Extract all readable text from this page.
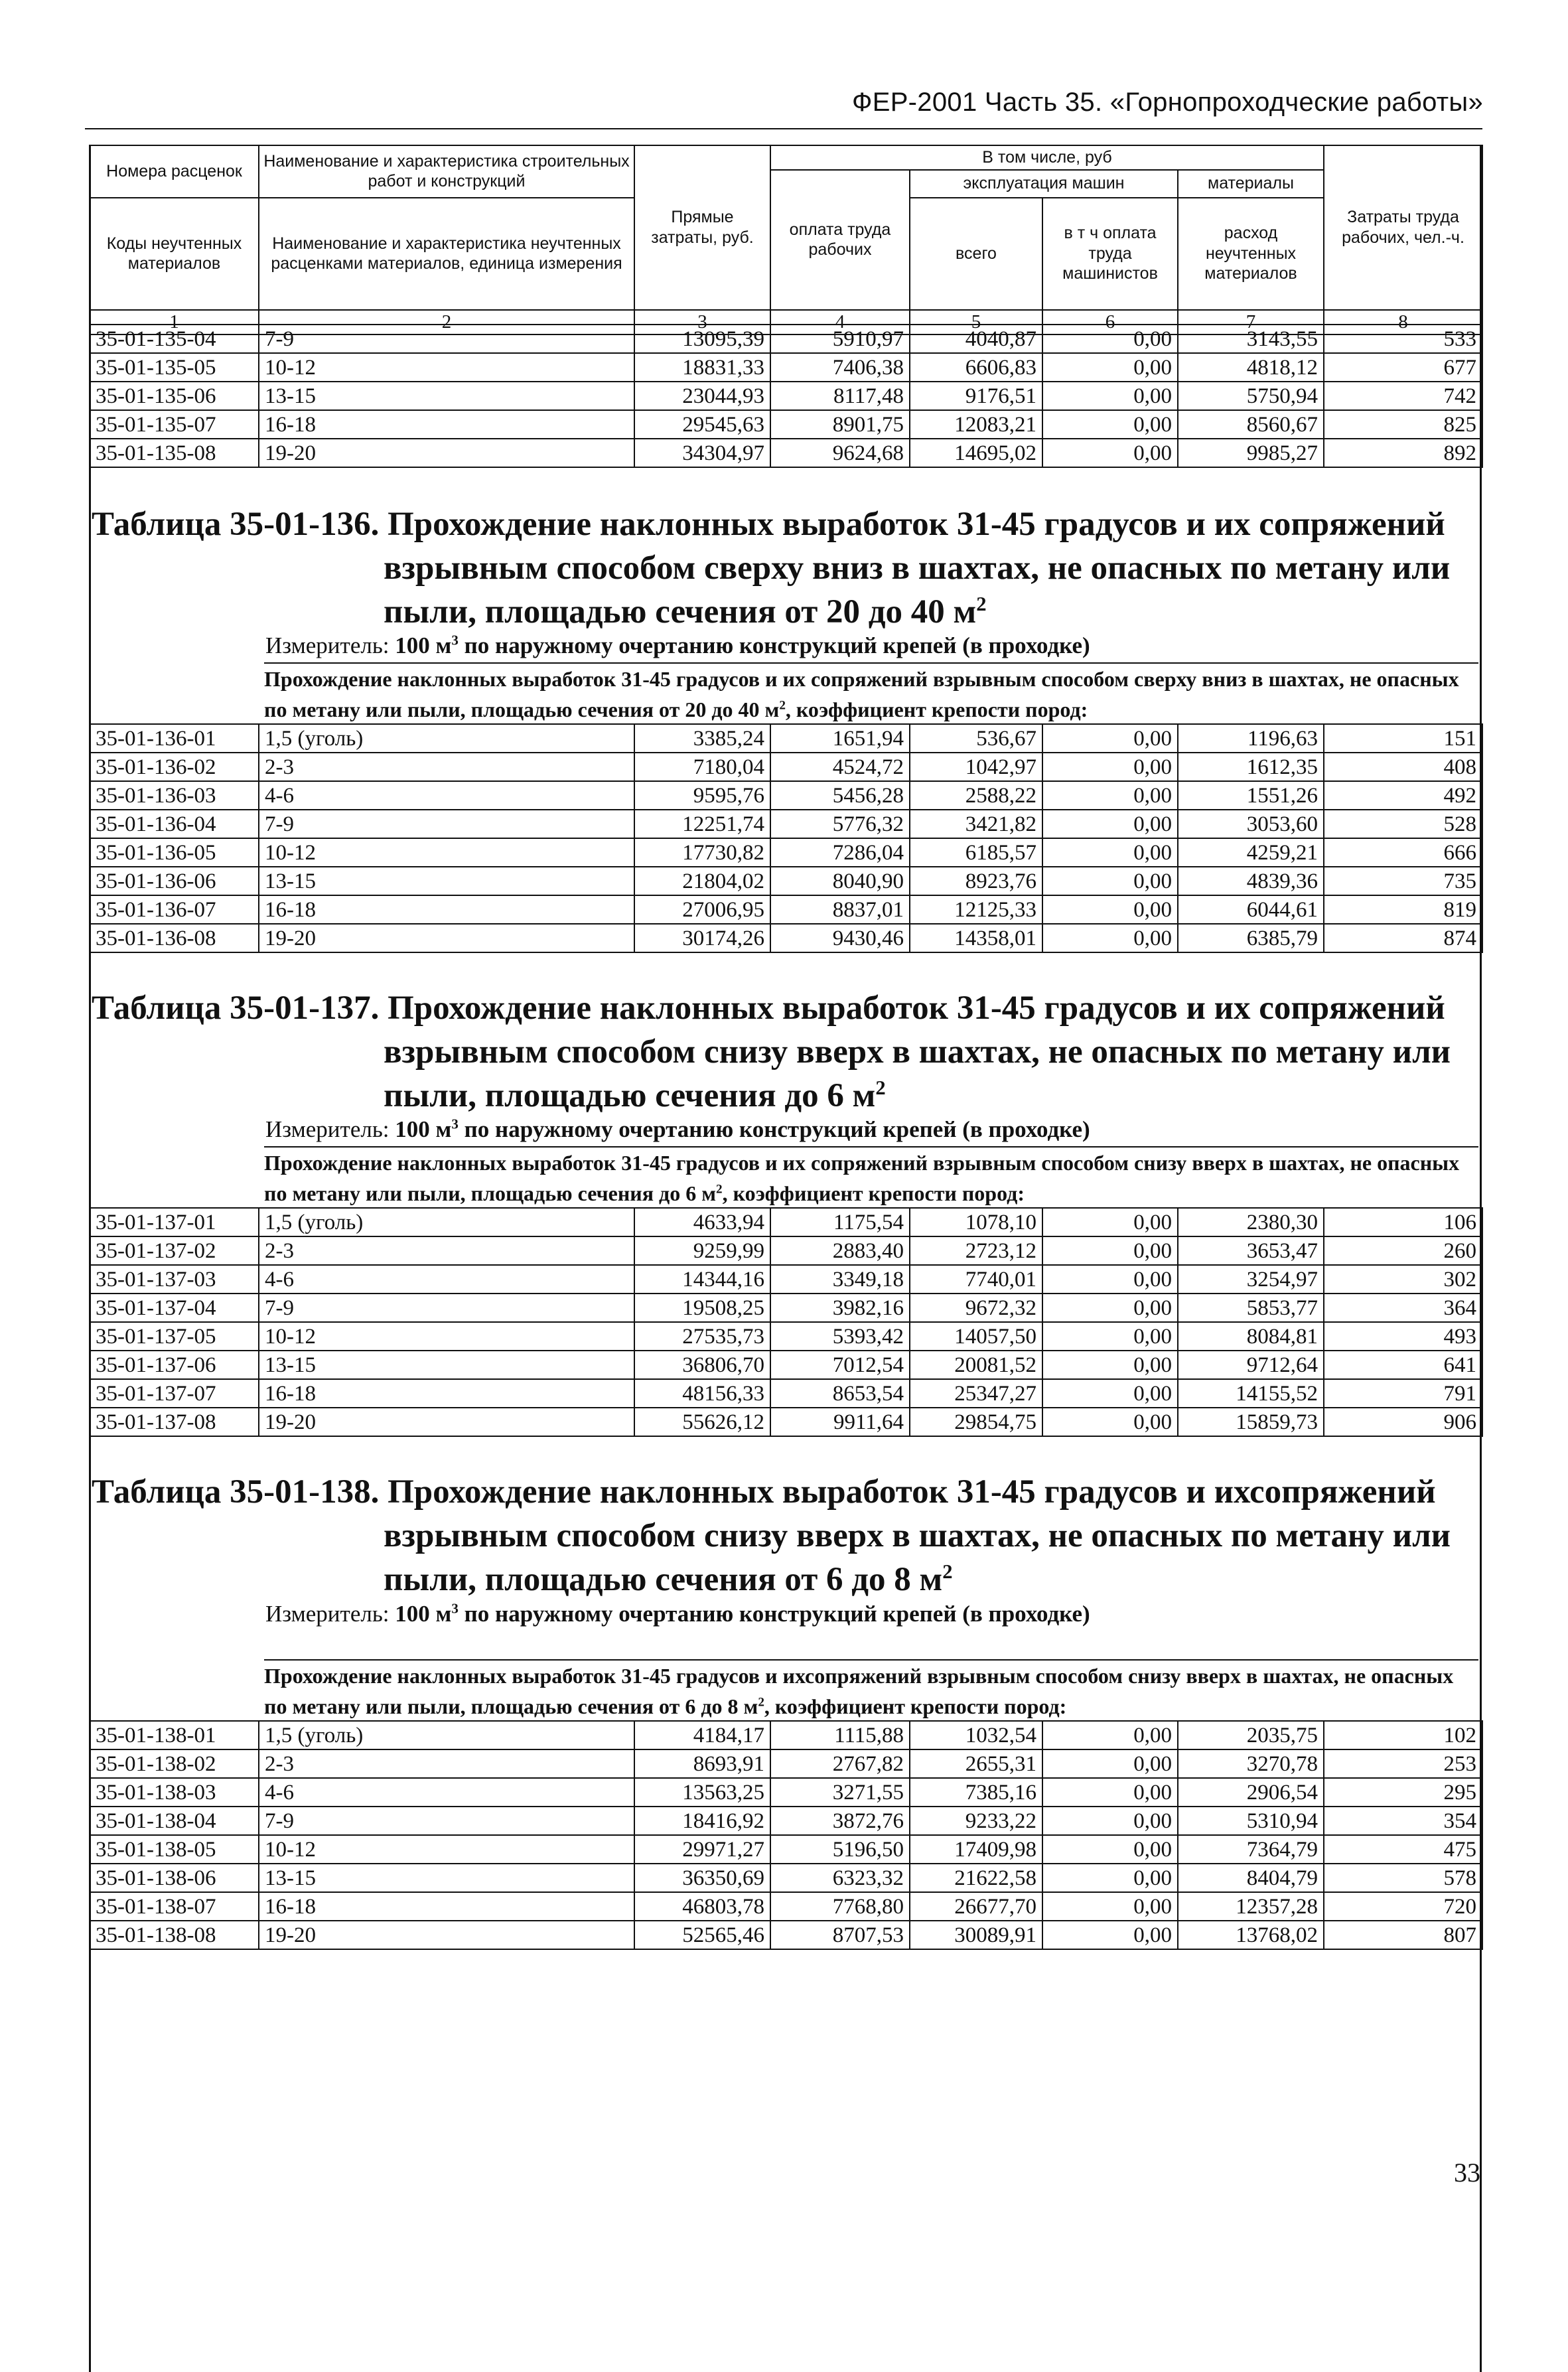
ФЕР-2001 Часть 35. «Горнопроходческие работы»
Номера расценок	Наименование и характеристика строительных работ и конструкций	Прямые затраты, руб.	В том числе, руб				Затраты труда рабочих, чел.-ч.
			оплата труда рабочих	эксплуатация машин		материалы	
Коды неучтенных материалов	Наименование и характеристика неучтенных расценками материалов, единица измерения			всего	в т ч оплата труда машинистов	расход неучтенных материалов	

1	2	3	4	5	6	7	8
35-01-135-04	7-9	13095,39	5910,97	4040,87	0,00	3143,55	533
35-01-135-05	10-12	18831,33	7406,38	6606,83	0,00	4818,12	677
35-01-135-06	13-15	23044,93	8117,48	9176,51	0,00	5750,94	742
35-01-135-07	16-18	29545,63	8901,75	12083,21	0,00	8560,67	825
35-01-135-08	19-20	34304,97	9624,68	14695,02	0,00	9985,27	892
Таблица 35-01-136. Прохождение наклонных выработок 31-45 градусов и их сопряжений взрывным способом сверху вниз в шахтах, не опасных по метану или пыли, площадью сечения от 20 до 40 $м^2$
Измеритель: 100 $м^3$ по наружному очертанию конструкций крепей (в проходке)
Прохождение наклонных выработок 31-45 градусов и их сопряжений взрывным способом сверху вниз в шахтах, не опасных по метану или пыли, площадью сечения от 20 до 40 $м^2$, коэффициент крепости пород:
35-01-136-01	1,5 (уголь)	3385,24	1651,94	536,67	0,00	1196,63	151
35-01-136-02	2-3	7180,04	4524,72	1042,97	0,00	1612,35	408
35-01-136-03	4-6	9595,76	5456,28	2588,22	0,00	1551,26	492
35-01-136-04	7-9	12251,74	5776,32	3421,82	0,00	3053,60	528
35-01-136-05	10-12	17730,82	7286,04	6185,57	0,00	4259,21	666
35-01-136-06	13-15	21804,02	8040,90	8923,76	0,00	4839,36	735
35-01-136-07	16-18	27006,95	8837,01	12125,33	0,00	6044,61	819
35-01-136-08	19-20	30174,26	9430,46	14358,01	0,00	6385,79	874
Таблица 35-01-137. Прохождение наклонных выработок 31-45 градусов и их сопряжений взрывным способом снизу вверх в шахтах, не опасных по метану или пыли, площадью сечения до 6 $м^2$
Измеритель: 100 $м^3$ по наружному очертанию конструкций крепей (в проходке)
Прохождение наклонных выработок 31-45 градусов и их сопряжений взрывным способом снизу вверх в шахтах, не опасных по метану или пыли, площадью сечения до 6 $м^2$, коэффициент крепости пород:
35-01-137-01	1,5 (уголь)	4633,94	1175,54	1078,10	0,00	2380,30	106
35-01-137-02	2-3	9259,99	2883,40	2723,12	0,00	3653,47	260
35-01-137-03	4-6	14344,16	3349,18	7740,01	0,00	3254,97	302
35-01-137-04	7-9	19508,25	3982,16	9672,32	0,00	5853,77	364
35-01-137-05	10-12	27535,73	5393,42	14057,50	0,00	8084,81	493
35-01-137-06	13-15	36806,70	7012,54	20081,52	0,00	9712,64	641
35-01-137-07	16-18	48156,33	8653,54	25347,27	0,00	14155,52	791
35-01-137-08	19-20	55626,12	9911,64	29854,75	0,00	15859,73	906
Таблица 35-01-138. Прохождение наклонных выработок 31-45 градусов и ихсопряжений взрывным способом снизу вверх в шахтах, не опасных по метану или пыли, площадью сечения от 6 до 8 $м^2$
Измеритель: 100 $м^3$ по наружному очертанию конструкций крепей (в проходке)
Прохождение наклонных выработок 31-45 градусов и ихсопряжений взрывным способом снизу вверх в шахтах, не опасных по метану или пыли, площадью сечения от 6 до 8 $м^2$, коэффициент крепости пород:
35-01-138-01	1,5 (уголь)	4184,17	1115,88	1032,54	0,00	2035,75	102
35-01-138-02	2-3	8693,91	2767,82	2655,31	0,00	3270,78	253
35-01-138-03	4-6	13563,25	3271,55	7385,16	0,00	2906,54	295
35-01-138-04	7-9	18416,92	3872,76	9233,22	0,00	5310,94	354
35-01-138-05	10-12	29971,27	5196,50	17409,98	0,00	7364,79	475
35-01-138-06	13-15	36350,69	6323,32	21622,58	0,00	8404,79	578
35-01-138-07	16-18	46803,78	7768,80	26677,70	0,00	12357,28	720
35-01-138-08	19-20	52565,46	8707,53	30089,91	0,00	13768,02	807
33
